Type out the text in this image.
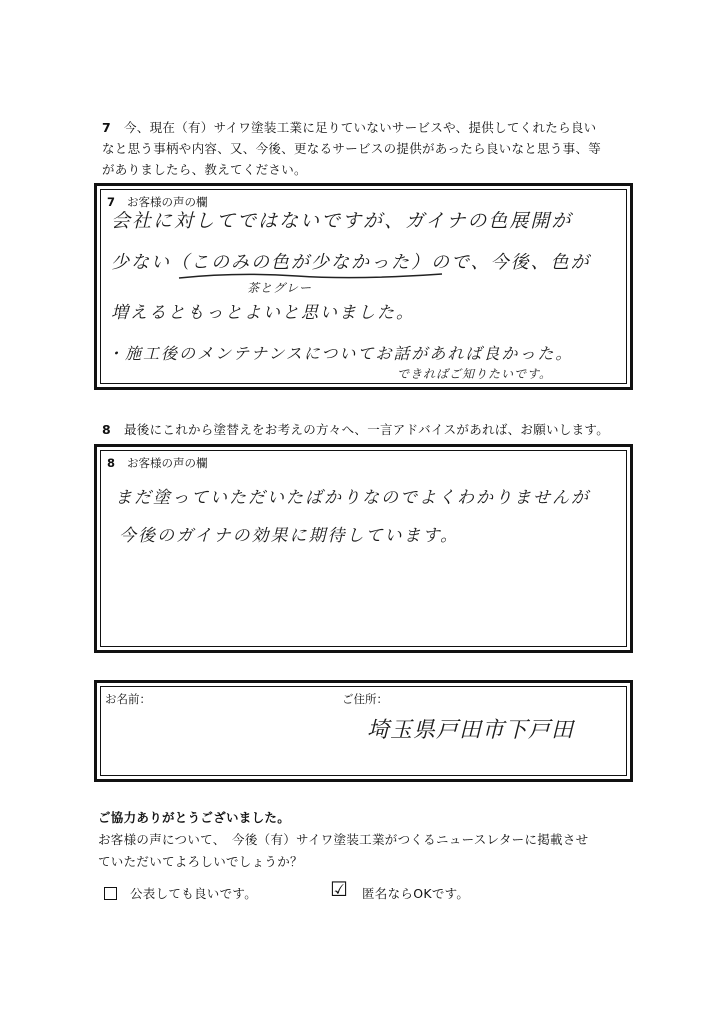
7 今、現在（有）サイワ塗装工業に足りていないサービスや、提供してくれたら良い
なと思う事柄や内容、又、今後、更なるサービスの提供があったら良いなと思う事、等
がありましたら、教えてください。
7 お客様の声の欄
会社に対してではないですが、ガイナの色展開が
少ない（このみの色が少なかった）ので、今後、色が
茶とグレー
増えるともっとよいと思いました。
・施工後のメンテナンスについてお話があれば良かった。
できればご知りたいです。
8 最後にこれから塗替えをお考えの方々へ、一言アドバイスがあれば、お願いします。
8 お客様の声の欄
まだ塗っていただいたばかりなのでよくわかりませんが
今後のガイナの効果に期待しています。
お名前：	ご住所：
埼玉県戸田市下戸田
ご協力ありがとうございました。
お客様の声について、　今後（有）サイワ塗装工業がつくるニュースレターに掲載させ
ていただいてよろしいでしょうか？
公表しても良いです。	☑ 匿名ならOKです。
